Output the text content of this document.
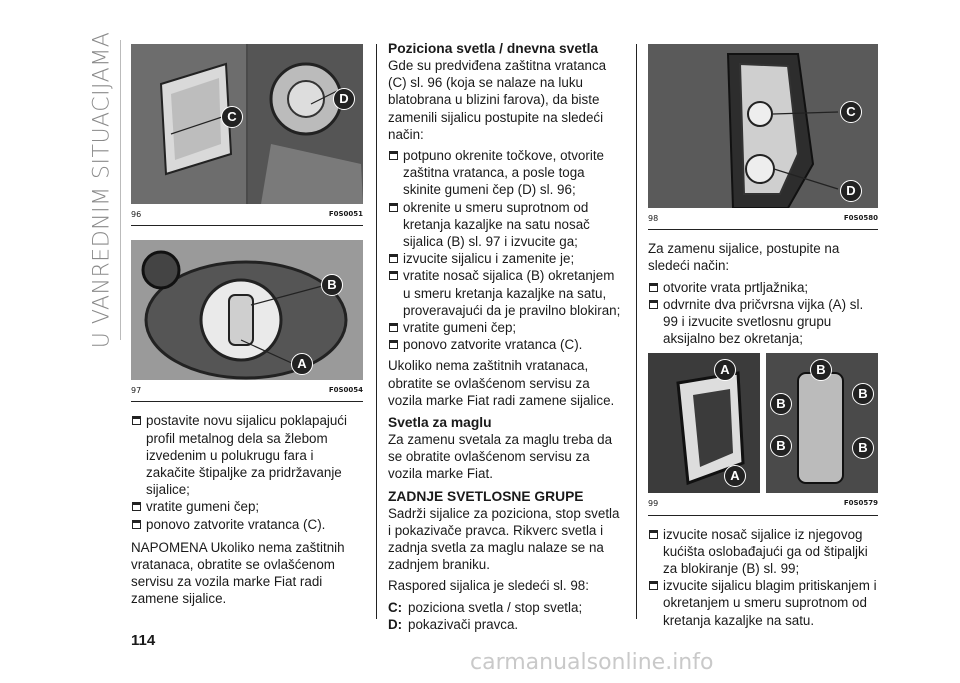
U VANREDNIM SITUACIJAMA	C
D
96	F0S0051
B
A
97	F0S0054
postavite novu sijalicu poklapajući profil metalnog dela sa žlebom izvedenim u polukrugu fara i zakačite štipaljke za pridržavanje sijalice;
vratite gumeni čep;
ponovo zatvorite vratanca (C).

NAPOMENA Ukoliko nema zaštitnih vratanaca, obratite se ovlašćenom servisu za vozila marke Fiat radi zamene sijalice.

Poziciona svetla / dnevna svetla

Gde su predviđena zaštitna vratanca (C) sl. 96 (koja se nalaze na luku blatobrana u blizini farova), da biste zamenili sijalicu postupite na sledeći način:

potpuno okrenite točkove, otvorite zaštitna vratanca, a posle toga skinite gumeni čep (D) sl. 96;
okrenite u smeru suprotnom od kretanja kazaljke na satu nosač sijalica (B) sl. 97 i izvucite ga;
izvucite sijalicu i zamenite je;
vratite nosač sijalica (B) okretanjem u smeru kretanja kazaljke na satu, proveravajući da je pravilno blokiran;
vratite gumeni čep;
ponovo zatvorite vratanca (C).

Ukoliko nema zaštitnih vratanaca, obratite se ovlašćenom servisu za vozila marke Fiat radi zamene sijalice.

Svetla za maglu

Za zamenu svetala za maglu treba da se obratite ovlašćenom servisu za vozila marke Fiat.

ZADNJE SVETLOSNE GRUPE

Sadrži sijalice za poziciona, stop svetla i pokazivače pravca. Rikverc svetla i zadnja svetla za maglu nalaze se na zadnjem braniku.

Raspored sijalica je sledeći sl. 98:

C: poziciona svetla / stop svetla;
D: pokazivači pravca.
C
D
98	F0S0580

Za zamenu sijalice, postupite na sledeći način:

otvorite vrata prtljažnika;
odvrnite dva pričvrsna vijka (A) sl. 99 i izvucite svetlosnu grupu aksijalno bez okretanja;
A
A
B
B
B
B	B
99	F0S0579
izvucite nosač sijalice iz njegovog kućišta oslobađajući ga od štipaljki za blokiranje (B) sl. 99;
izvucite sijalicu blagim pritiskanjem i okretanjem u smeru suprotnom od kretanja kazaljke na satu.
114
carmanualsonline.info
